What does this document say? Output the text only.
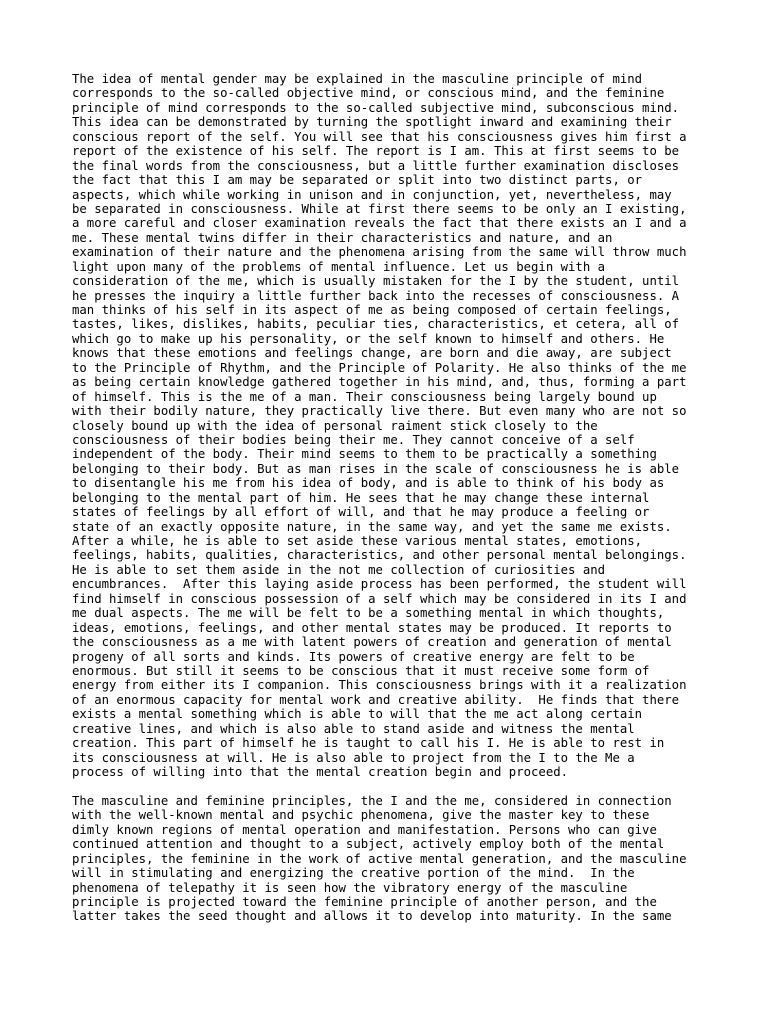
The idea of mental gender may be explained in the masculine principle of mind
corresponds to the so-called objective mind, or conscious mind, and the feminine
principle of mind corresponds to the so-called subjective mind, subconscious mind.
This idea can be demonstrated by turning the spotlight inward and examining their
conscious report of the self. You will see that his consciousness gives him first a
report of the existence of his self. The report is I am. This at first seems to be
the final words from the consciousness, but a little further examination discloses
the fact that this I am may be separated or split into two distinct parts, or
aspects, which while working in unison and in conjunction, yet, nevertheless, may
be separated in consciousness. While at first there seems to be only an I existing,
a more careful and closer examination reveals the fact that there exists an I and a
me. These mental twins differ in their characteristics and nature, and an
examination of their nature and the phenomena arising from the same will throw much
light upon many of the problems of mental influence. Let us begin with a
consideration of the me, which is usually mistaken for the I by the student, until
he presses the inquiry a little further back into the recesses of consciousness. A
man thinks of his self in its aspect of me as being composed of certain feelings,
tastes, likes, dislikes, habits, peculiar ties, characteristics, et cetera, all of
which go to make up his personality, or the self known to himself and others. He
knows that these emotions and feelings change, are born and die away, are subject
to the Principle of Rhythm, and the Principle of Polarity. He also thinks of the me
as being certain knowledge gathered together in his mind, and, thus, forming a part
of himself. This is the me of a man. Their consciousness being largely bound up
with their bodily nature, they practically live there. But even many who are not so
closely bound up with the idea of personal raiment stick closely to the
consciousness of their bodies being their me. They cannot conceive of a self
independent of the body. Their mind seems to them to be practically a something
belonging to their body. But as man rises in the scale of consciousness he is able
to disentangle his me from his idea of body, and is able to think of his body as
belonging to the mental part of him. He sees that he may change these internal
states of feelings by all effort of will, and that he may produce a feeling or
state of an exactly opposite nature, in the same way, and yet the same me exists.
After a while, he is able to set aside these various mental states, emotions,
feelings, habits, qualities, characteristics, and other personal mental belongings.
He is able to set them aside in the not me collection of curiosities and
encumbrances.  After this laying aside process has been performed, the student will
find himself in conscious possession of a self which may be considered in its I and
me dual aspects. The me will be felt to be a something mental in which thoughts,
ideas, emotions, feelings, and other mental states may be produced. It reports to
the consciousness as a me with latent powers of creation and generation of mental
progeny of all sorts and kinds. Its powers of creative energy are felt to be
enormous. But still it seems to be conscious that it must receive some form of
energy from either its I companion. This consciousness brings with it a realization
of an enormous capacity for mental work and creative ability.  He finds that there
exists a mental something which is able to will that the me act along certain
creative lines, and which is also able to stand aside and witness the mental
creation. This part of himself he is taught to call his I. He is able to rest in
its consciousness at will. He is also able to project from the I to the Me a
process of willing into that the mental creation begin and proceed.
The masculine and feminine principles, the I and the me, considered in connection
with the well-known mental and psychic phenomena, give the master key to these
dimly known regions of mental operation and manifestation. Persons who can give
continued attention and thought to a subject, actively employ both of the mental
principles, the feminine in the work of active mental generation, and the masculine
will in stimulating and energizing the creative portion of the mind.  In the
phenomena of telepathy it is seen how the vibratory energy of the masculine
principle is projected toward the feminine principle of another person, and the
latter takes the seed thought and allows it to develop into maturity. In the same
